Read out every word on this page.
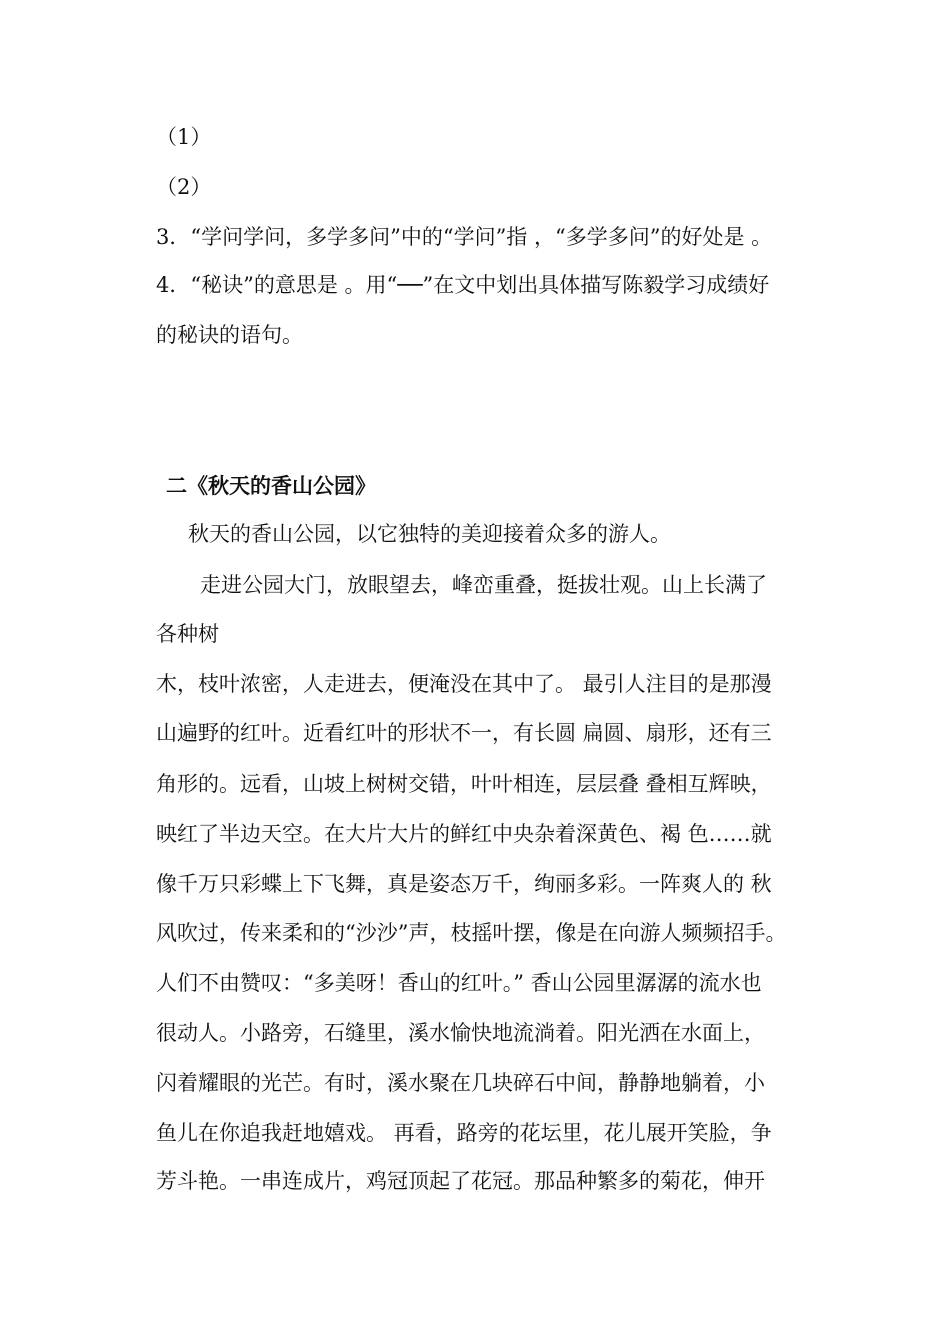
（1）
（2）
3．“学问学问，多学多问”中的“学问”指 ，“多学多问”的好处是 。
4．“秘诀”的意思是 。用“──”在文中划出具体描写陈毅学习成绩好
的秘诀的语句。
二《秋天的香山公园》
秋天的香山公园，以它独特的美迎接着众多的游人。
走进公园大门，放眼望去，峰峦重叠，挺拔壮观。山上长满了
各种树
木，枝叶浓密，人走进去，便淹没在其中了。 最引人注目的是那漫
山遍野的红叶。近看红叶的形状不一，有长圆 扁圆、扇形，还有三
角形的。远看，山坡上树树交错，叶叶相连，层层叠 叠相互辉映，
映红了半边天空。在大片大片的鲜红中央杂着深黄色、褐 色……就
像千万只彩蝶上下飞舞，真是姿态万千，绚丽多彩。一阵爽人的 秋
风吹过，传来柔和的“沙沙”声，枝摇叶摆，像是在向游人频频招手。
人们不由赞叹：“多美呀！香山的红叶。” 香山公园里潺潺的流水也
很动人。小路旁，石缝里，溪水愉快地流淌着。阳光洒在水面上，
闪着耀眼的光芒。有时，溪水聚在几块碎石中间，静静地躺着，小
鱼儿在你追我赶地嬉戏。 再看，路旁的花坛里，花儿展开笑脸，争
芳斗艳。一串连成片，鸡冠顶起了花冠。那品种繁多的菊花，伸开
